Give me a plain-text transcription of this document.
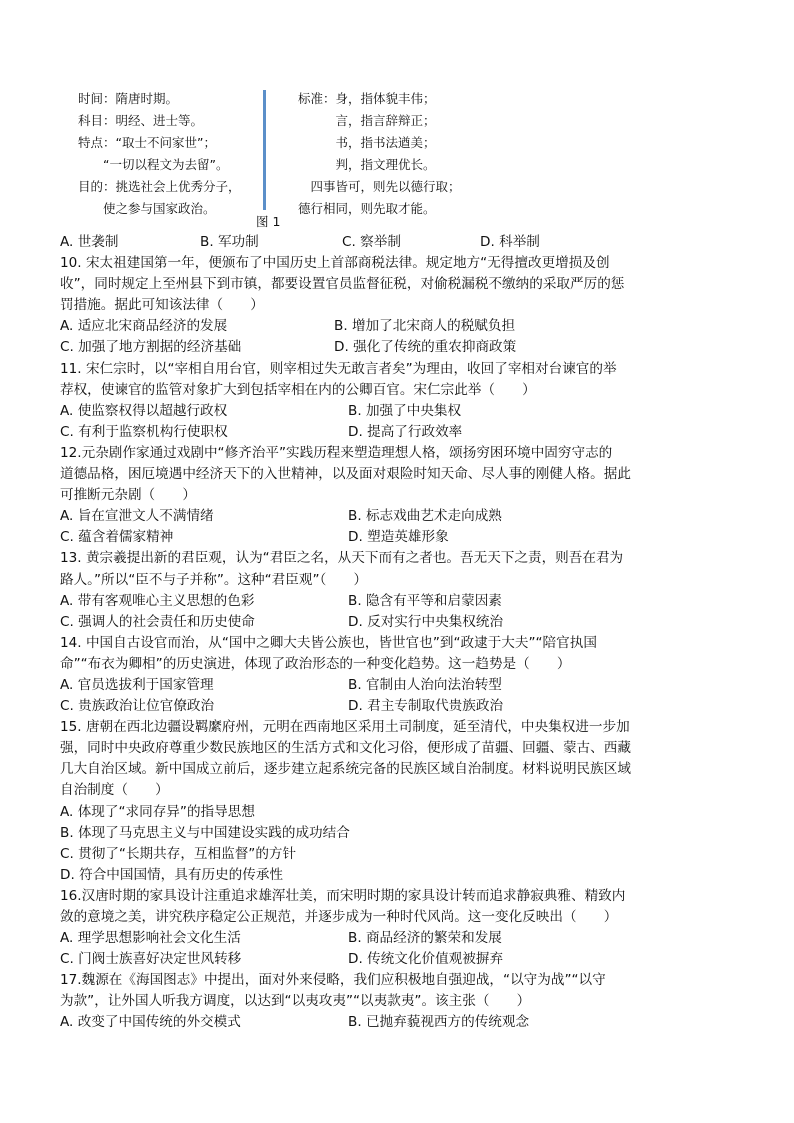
时间：隋唐时期。
科目：明经、进士等。
特点：“取士不问家世”；
　　“一切以程文为去留”。
目的：挑选社会上优秀分子，
　　使之参与国家政治。
标准：身，指体貌丰伟；
　　　言，指言辞辩正；
　　　书，指书法遒美；
　　　判，指文理优长。
　四事皆可，则先以德行取；
德行相同，则先取才能。
图 1
A. 世袭制	B. 军功制	C. 察举制	D. 科举制
10. 宋太祖建国第一年，便颁布了中国历史上首部商税法律。规定地方“无得擅改更增损及创
收”，同时规定上至州县下到市镇，都要设置官员监督征税，对偷税漏税不缴纳的采取严厉的惩
罚措施。据此可知该法律（　　）
A. 适应北宋商品经济的发展	B. 增加了北宋商人的税赋负担
C. 加强了地方割据的经济基础	D. 强化了传统的重农抑商政策
11. 宋仁宗时，以“宰相自用台官，则宰相过失无敢言者矣”为理由，收回了宰相对台谏官的举
荐权，使谏官的监管对象扩大到包括宰相在内的公卿百官。宋仁宗此举（　　）
A. 使监察权得以超越行政权	B. 加强了中央集权
C. 有利于监察机构行使职权	D. 提高了行政效率
12.元杂剧作家通过戏剧中“修齐治平”实践历程来塑造理想人格，颂扬穷困环境中固穷守志的
道德品格，困厄境遇中经济天下的入世精神，以及面对艰险时知天命、尽人事的刚健人格。据此
可推断元杂剧（　　）
A. 旨在宣泄文人不满情绪	B. 标志戏曲艺术走向成熟
C. 蕴含着儒家精神	D. 塑造英雄形象
13. 黄宗羲提出新的君臣观，认为“君臣之名，从天下而有之者也。吾无天下之责，则吾在君为
路人。”所以“臣不与子并称”。这种“君臣观”（　　）
A. 带有客观唯心主义思想的色彩	B. 隐含有平等和启蒙因素
C. 强调人的社会责任和历史使命	D. 反对实行中央集权统治
14. 中国自古设官而治，从“国中之卿大夫皆公族也，皆世官也”到“政逮于大夫”“陪官执国
命”“布衣为卿相”的历史演进，体现了政治形态的一种变化趋势。这一趋势是（　　）
A. 官员选拔利于国家管理	B. 官制由人治向法治转型
C. 贵族政治让位官僚政治	D. 君主专制取代贵族政治
15. 唐朝在西北边疆设羁縻府州，元明在西南地区采用土司制度，延至清代，中央集权进一步加
强，同时中央政府尊重少数民族地区的生活方式和文化习俗，便形成了苗疆、回疆、蒙古、西藏
几大自治区域。新中国成立前后，逐步建立起系统完备的民族区域自治制度。材料说明民族区域
自治制度（　　）
A. 体现了“求同存异”的指导思想
B. 体现了马克思主义与中国建设实践的成功结合
C. 贯彻了“长期共存，互相监督”的方针
D. 符合中国国情，具有历史的传承性
16.汉唐时期的家具设计注重追求雄浑壮美，而宋明时期的家具设计转而追求静寂典雅、精致内
敛的意境之美，讲究秩序稳定公正规范，并逐步成为一种时代风尚。这一变化反映出（　　）
A. 理学思想影响社会文化生活	B. 商品经济的繁荣和发展
C. 门阀士族喜好决定世风转移	D. 传统文化价值观被摒弃
17.魏源在《海国图志》中提出，面对外来侵略，我们应积极地自强迎战，“以守为战”“以守
为款”，让外国人听我方调度，以达到“以夷攻夷”“以夷款夷”。该主张（　　）
A. 改变了中国传统的外交模式	B. 已抛弃藐视西方的传统观念
